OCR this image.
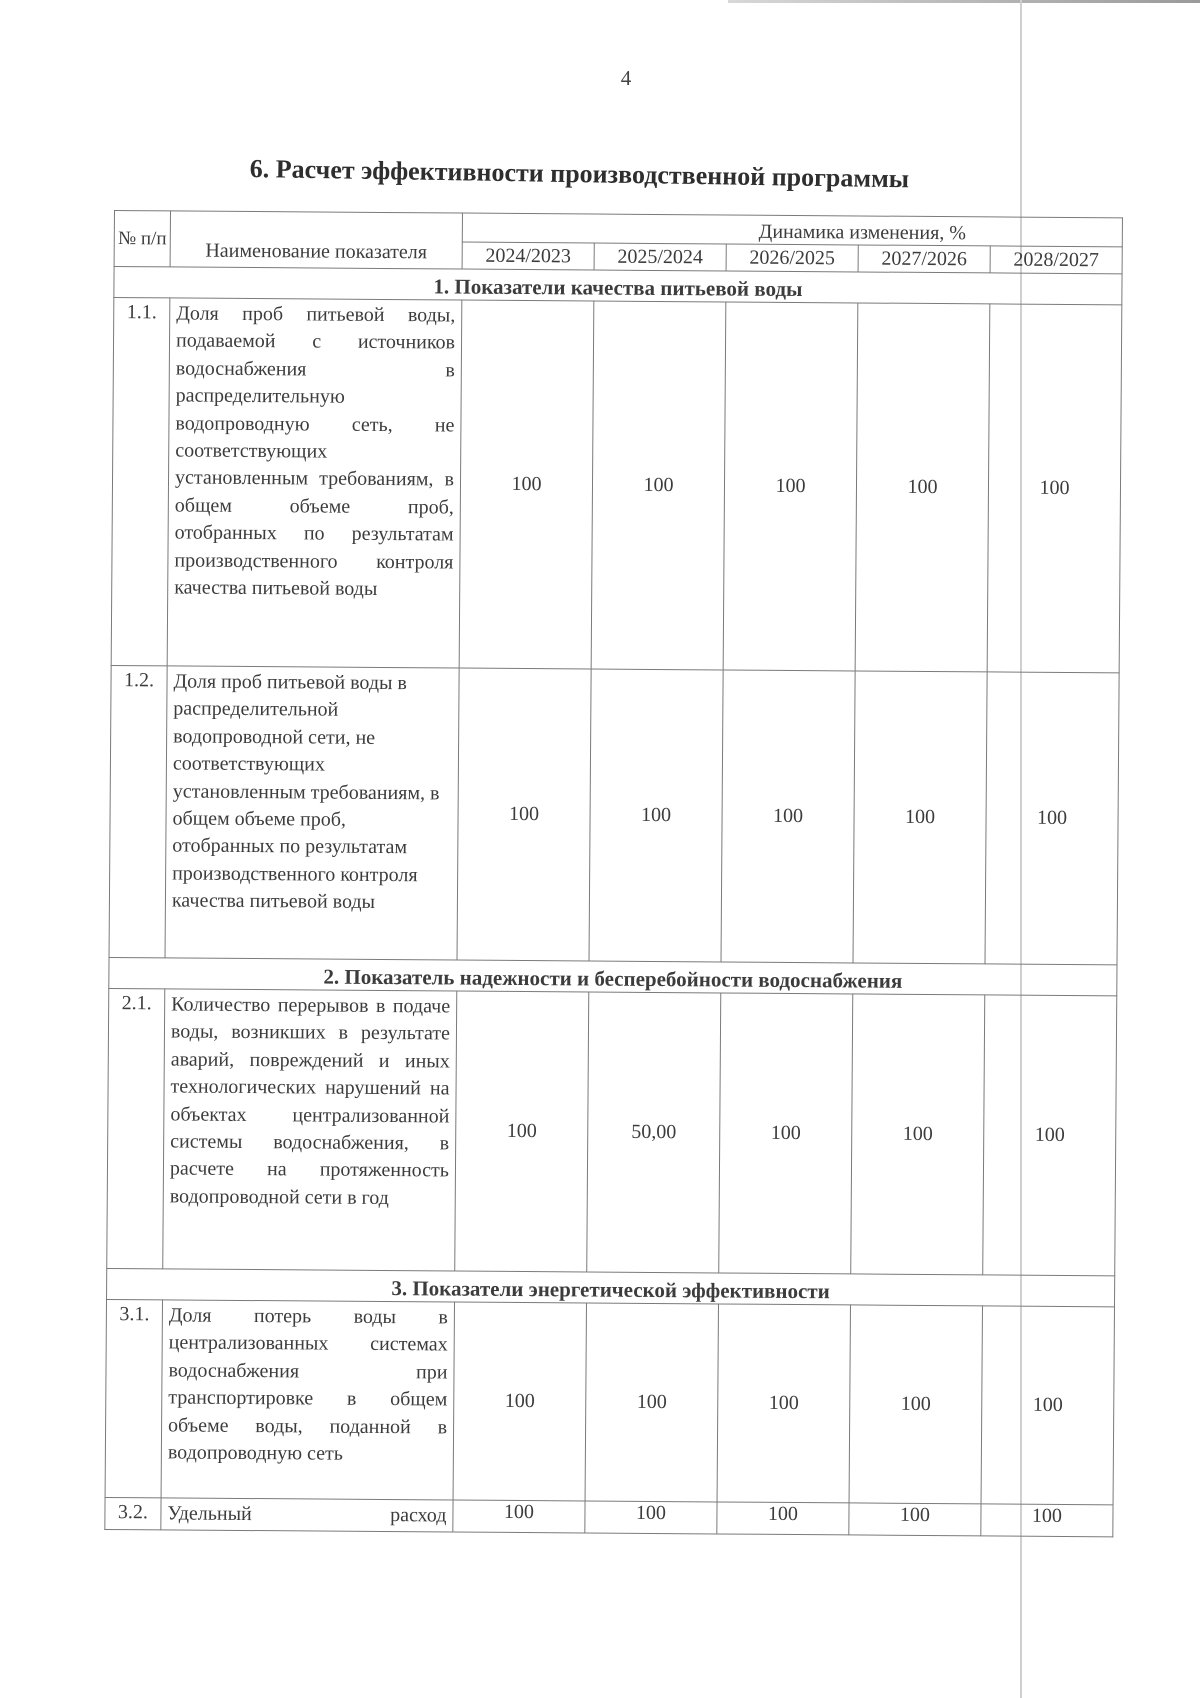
4
6. Расчет эффективности производственной программы
№ п/п	Наименование показателя	Динамика изменения, %				
		2024/2023	2025/2024	2026/2025	2027/2026	2028/2027
1. Показатели качества питьевой воды						
1.1.	Доля проб питьевой воды, подаваемой с источников водоснабжения в распределительную водопроводную сеть, не соответствующих установленным требованиям, в общем объеме проб, отобранных по результатам производственного контроля качества питьевой воды	100	100	100	100	100
1.2.	Доля проб питьевой воды в распределительной водопроводной сети, не соответствующих установленным требованиям, в общем объеме проб, отобранных по результатам производственного контроля качества питьевой воды	100	100	100	100	100
2. Показатель надежности и бесперебойности водоснабжения						
2.1.	Количество перерывов в подаче воды, возникших в результате аварий, повреждений и иных технологических нарушений на объектах централизованной системы водоснабжения, в расчете на протяженность водопроводной сети в год	100	50,00	100	100	100
3. Показатели энергетической эффективности						
3.1.	Доля потерь воды в централизованных системах водоснабжения при транспортировке в общем объеме воды, поданной в водопроводную сеть	100	100	100	100	100
3.2.	Удельный расход	100	100	100	100	100
